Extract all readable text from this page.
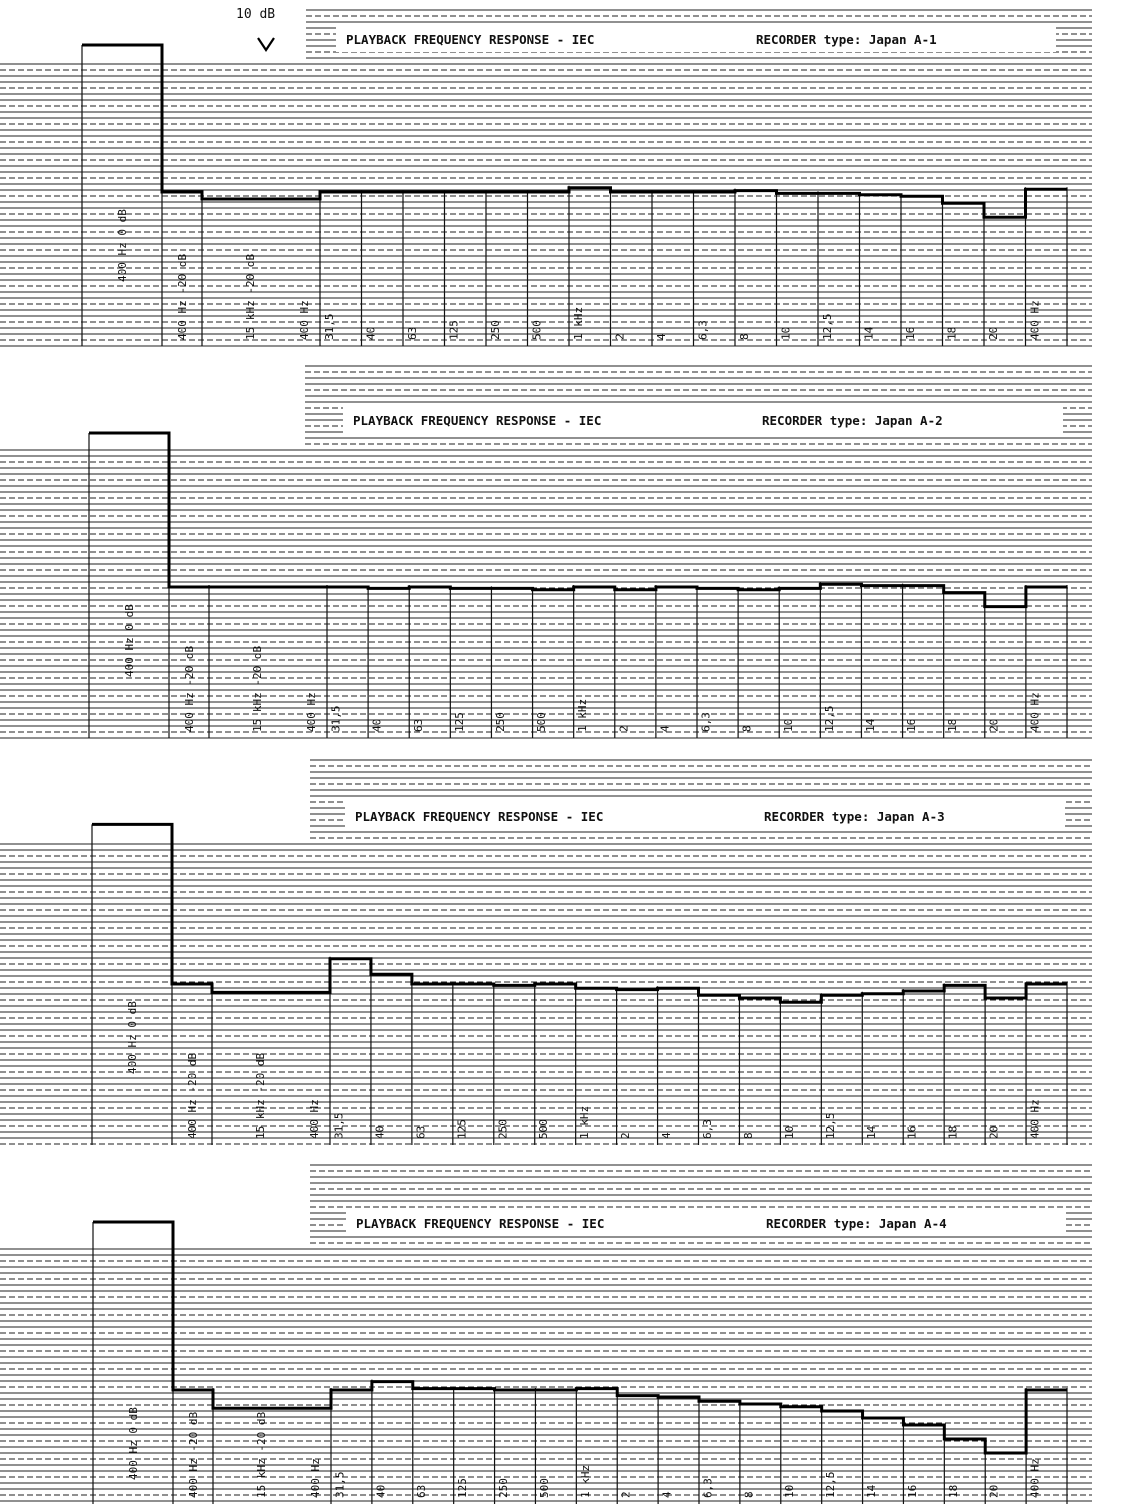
PLAYBACK FREQUENCY RESPONSE - IEC	RECORDER type: Japan A-1
400 Hz 0 dB
400 Hz -20 dB	15 kHz -20 dB	400 Hz 31,5	40	63	125	250	500	1 kHz	2	4	6,3	8	10	12,5	14	16	18	20	400 Hz
PLAYBACK FREQUENCY RESPONSE - IEC	RECORDER type: Japan A-2
400 Hz 0 dB
400 Hz -20 dB	15 kHz -20 dB	400 Hz 31,5	40	63	125	250	500	1 kHz	2	4	6,3	8	10	12,5	14	16	18	20	400 Hz
PLAYBACK FREQUENCY RESPONSE - IEC	RECORDER type: Japan A-3
400 Hz 0 dB
400 Hz -20 dB	15 kHz -20 dB	400 Hz 31,5	40	63	125	250	500	1 kHz	2	4	6,3	8	10	12,5	14	16	18	20	400 Hz
PLAYBACK FREQUENCY RESPONSE - IEC	RECORDER type: Japan A-4
400 Hz 0 dB	400 Hz -20 dB	15 kHz -20 dB	400 Hz 31,5	40	63	125	250	500	1 kHz	2	4	6,3	8	10	12,5	14	16	18	20	400 Hz
10 dB
